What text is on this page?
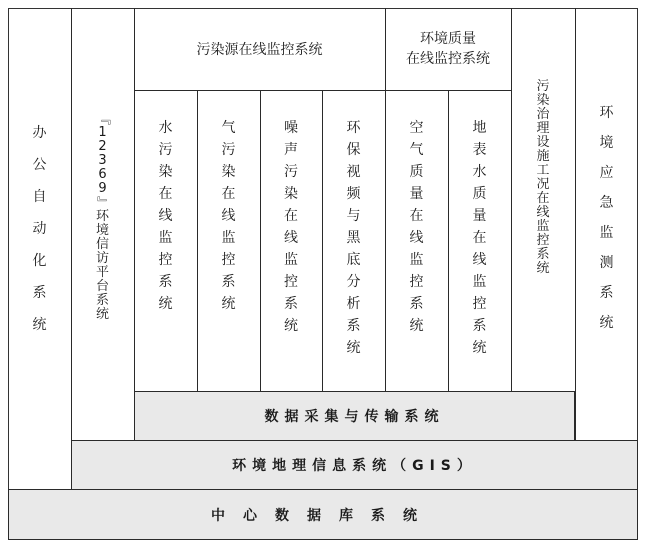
污染源在线监控系统
环境质量
在线监控系统
办
公
自
动
化
系
统
『
1
2
3
6
9
』
环
境
信
访
平
台
系
统
水
污
染
在
线
监
控
系
统
气
污
染
在
线
监
控
系
统
噪
声
污
染
在
线
监
控
系
统
环
保
视
频
与
黑
底
分
析
系
统
空
气
质
量
在
线
监
控
系
统
地
表
水
质
量
在
线
监
控
系
统
污
染
治
理
设
施
工
况
在
线
监
控
系
统
环
境
应
急
监
测
系
统
数据采集与传输系统
环境地理信息系统（GIS）
中心数据库系统
